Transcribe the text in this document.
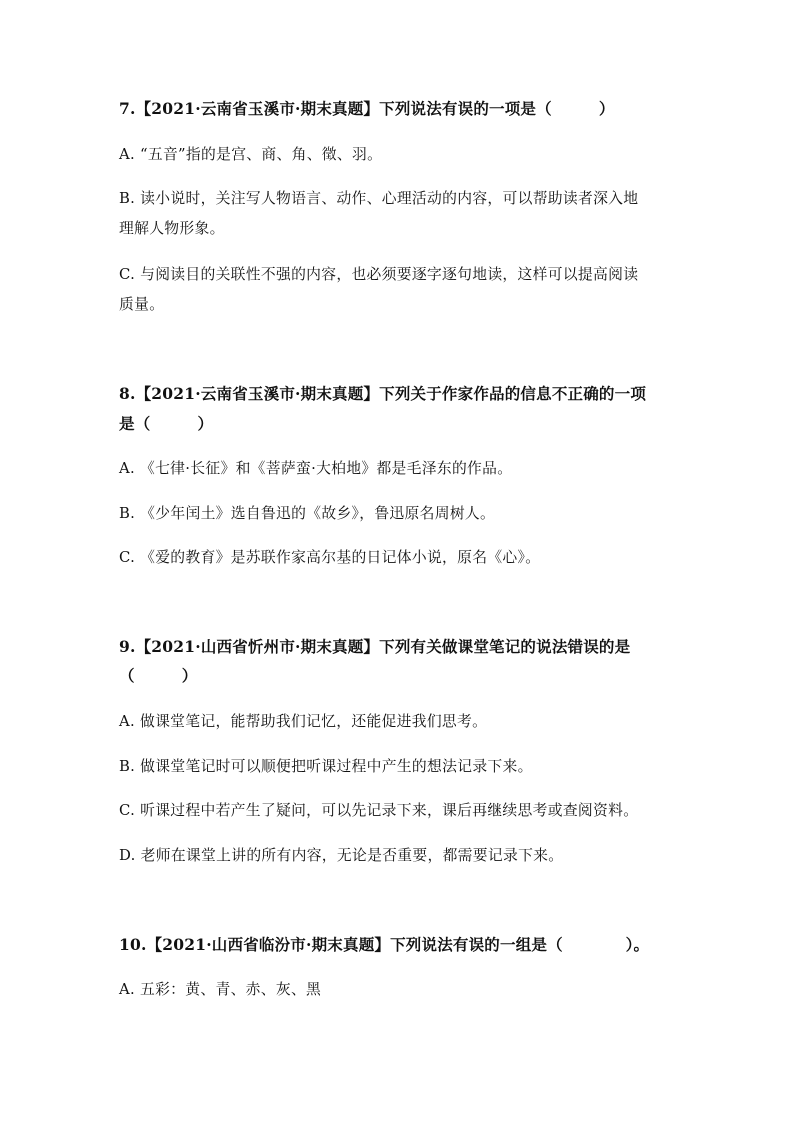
7.【2021·云南省玉溪市·期末真题】下列说法有误的一项是（　　　）
A. “五音”指的是宫、商、角、徵、羽。
B. 读小说时，关注写人物语言、动作、心理活动的内容，可以帮助读者深入地
理解人物形象。
C. 与阅读目的关联性不强的内容，也必须要逐字逐句地读，这样可以提高阅读
质量。
8.【2021·云南省玉溪市·期末真题】下列关于作家作品的信息不正确的一项
是（　　　）
A. 《七律·长征》和《菩萨蛮·大柏地》都是毛泽东的作品。
B. 《少年闰土》选自鲁迅的《故乡》，鲁迅原名周树人。
C. 《爱的教育》是苏联作家高尔基的日记体小说，原名《心》。
9.【2021·山西省忻州市·期末真题】下列有关做课堂笔记的说法错误的是
（　　　）
A. 做课堂笔记，能帮助我们记忆，还能促进我们思考。
B. 做课堂笔记时可以顺便把听课过程中产生的想法记录下来。
C. 听课过程中若产生了疑问，可以先记录下来，课后再继续思考或查阅资料。
D. 老师在课堂上讲的所有内容，无论是否重要，都需要记录下来。
10.【2021·山西省临汾市·期末真题】下列说法有误的一组是（　　　　）。
A. 五彩：黄、青、赤、灰、黑
